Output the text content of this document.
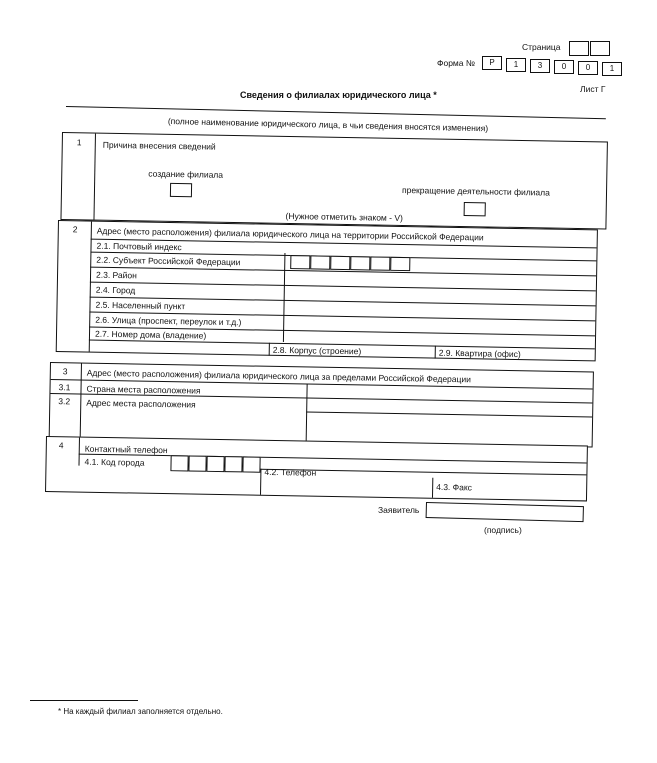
Страница
Форма №	Р	1	3	0	0	1
Лист Г
Сведения о филиалах юридического лица *
(полное наименование юридического лица, в чьи сведения вносятся изменения)
1 Причина внесения сведений
создание филиала
прекращение деятельности филиала
(Нужное отметить знаком - V)
2 Адрес (место расположения) филиала юридического лица на территории Российской Федерации
2.1. Почтовый индекс
2.2. Субъект Российской Федерации
2.3. Район
2.4. Город
2.5. Населенный пункт
2.6. Улица (проспект, переулок и т.д.)
2.7. Номер дома (владение)
2.8. Корпус (строение)	2.9. Квартира (офис)
3 Адрес (место расположения) филиала юридического лица за пределами Российской Федерации
3.1 Страна места расположения
3.2 Адрес места расположения
4 Контактный телефон
4.1. Код города
4.2. Телефон
4.3. Факс
Заявитель
(подпись)
* На каждый филиал заполняется отдельно.
